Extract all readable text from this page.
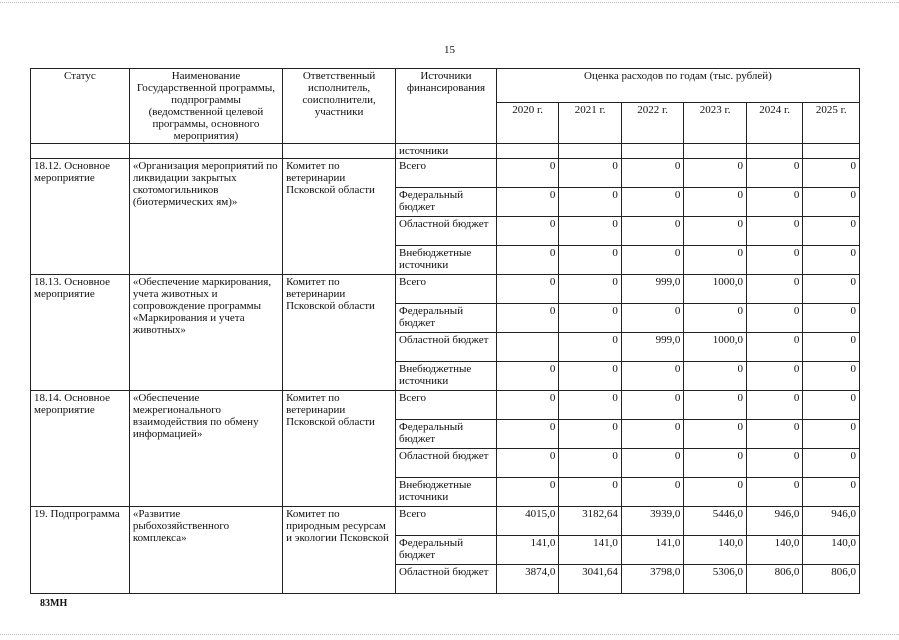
15
Статус	Наименование Государственной программы, подпрограммы (ведомственной целевой программы, основного мероприятия)	Ответственный исполнитель, соисполнители, участники	Источники финансирования	Оценка расходов по годам (тыс. рублей)					
				2020 г.	2021 г.	2022 г.	2023 г.	2024 г.	2025 г.
			источники						
18.12. Основное мероприятие	«Организация мероприятий по ликвидации закрытых скотомогильников (биотермических ям)»	Комитет по ветеринарии Псковской области	Всего	0	0	0	0	0	0
			Федеральный бюджет	0	0	0	0	0	0
			Областной бюджет	0	0	0	0	0	0
			Внебюджетные источники	0	0	0	0	0	0
18.13. Основное мероприятие	«Обеспечение маркирования, учета животных и сопровождение программы «Маркирования и учета животных»	Комитет по ветеринарии Псковской области	Всего	0	0	999,0	1000,0	0	0
			Федеральный бюджет	0	0	0	0	0	0
			Областной бюджет		0	999,0	1000,0	0	0
			Внебюджетные источники	0	0	0	0	0	0
18.14. Основное мероприятие	«Обеспечение межрегионального взаимодействия по обмену информацией»	Комитет по ветеринарии Псковской области	Всего	0	0	0	0	0	0
			Федеральный бюджет	0	0	0	0	0	0
			Областной бюджет	0	0	0	0	0	0
			Внебюджетные источники	0	0	0	0	0	0
19. Подпрограмма	«Развитие рыбохозяйственного комплекса»	Комитет по природным ресурсам и экологии Псковской	Всего	4015,0	3182,64	3939,0	5446,0	946,0	946,0
			Федеральный бюджет	141,0	141,0	141,0	140,0	140,0	140,0
			Областной бюджет	3874,0	3041,64	3798,0	5306,0	806,0	806,0
83МН
